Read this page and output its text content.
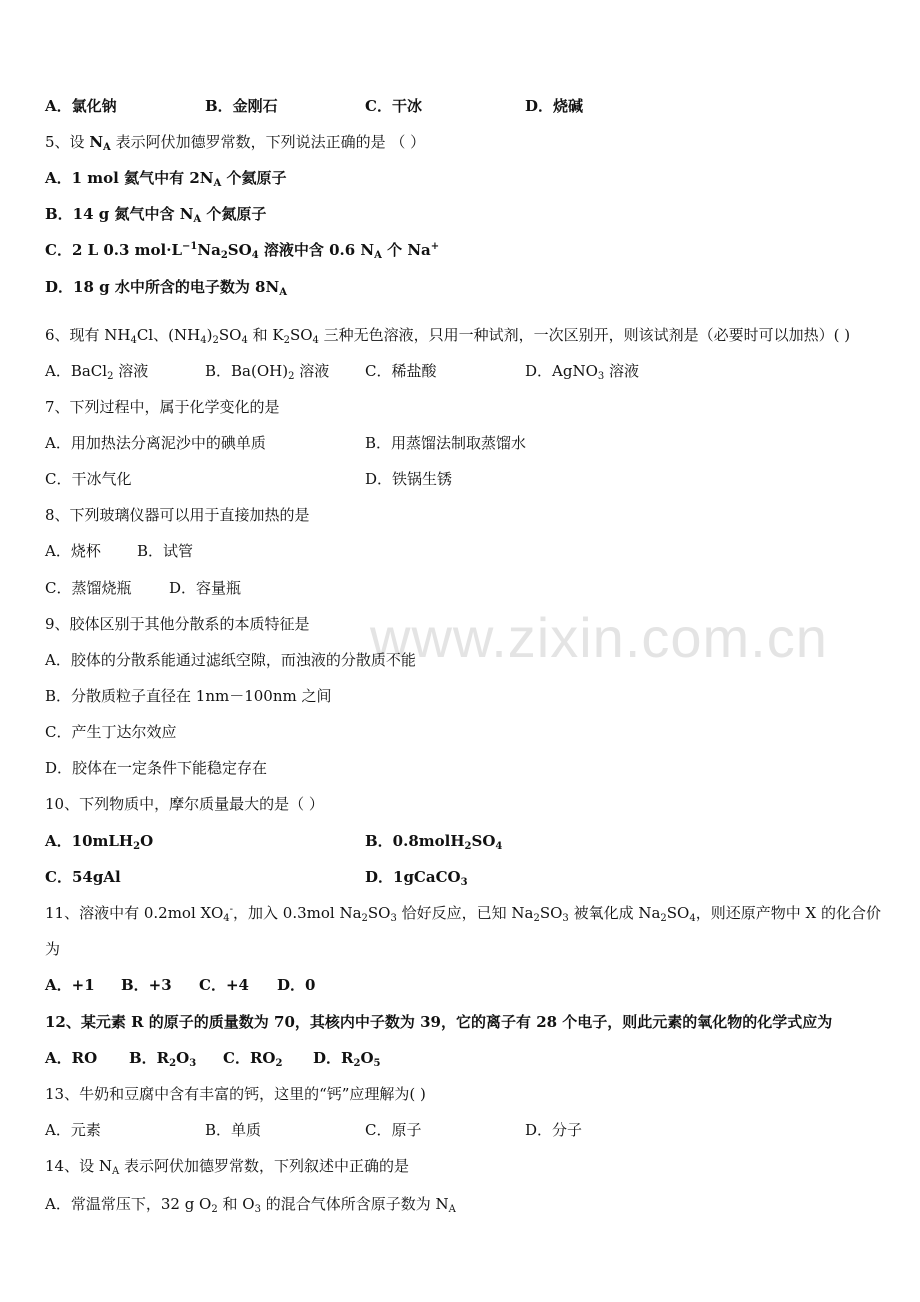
A．氯化钠	B．金刚石	C．干冰	D．烧碱
5、设 $N_A$ 表示阿伏加德罗常数，下列说法正确的是 （ ）
A．1 mol 氦气中有 $2N_A$ 个氦原子
B．14 g 氮气中含 $N_A$ 个氮原子
C．2 L 0.3 $mol\cdot L^{-1}Na_2SO_4$ 溶液中含 0.6 $N_A$ 个 Na+
D．18 g 水中所含的电子数为 $8N_A$
6、现有 $NH_4Cl$、$(NH_4)_2SO_4$ 和 $K_2SO_4$ 三种无色溶液，只用一种试剂，一次区别开，则该试剂是（必要时可以加热）( )
A．BaCl$_2$ 溶液	B．$Ba(OH)_2$ 溶液 C．稀盐酸	D．AgNO$_3$ 溶液
7、下列过程中，属于化学变化的是
A．用加热法分离泥沙中的碘单质	B．用蒸馏法制取蒸馏水
C．干冰气化	D．铁锅生锈
8、下列玻璃仪器可以用于直接加热的是
A．烧杯 B．试管
C．蒸馏烧瓶	D．容量瓶
www.zixin.com.cn
9、胶体区别于其他分散系的本质特征是
A．胶体的分散系能通过滤纸空隙，而浊液的分散质不能
B．分散质粒子直径在 1nm－100nm 之间
C．产生丁达尔效应
D．胶体在一定条件下能稳定存在
10、下列物质中，摩尔质量最大的是（ ）
A．10mLH$_2$O	B．$0.8molH_2SO_4$
C．54gAl	D．1gCaCO$_3$
11、溶液中有 0.2mol $XO_4^-$，加入 0.3mol $Na_2SO_3$ 恰好反应，已知 $Na_2SO_3$ 被氧化成 $Na_2SO_4$，则还原产物中 X 的化合价
为
A．+1 B．+3 C．+4 D．0
12、某元素 R 的原子的质量数为 70，其核内中子数为 39，它的离子有 28 个电子，则此元素的氧化物的化学式应为
A．RO B．$R_2O_3$ C．$RO_2$ D．$R_2O_5$
13、牛奶和豆腐中含有丰富的钙，这里的“钙”应理解为( )
A．元素	B．单质	C．原子	D．分子
14、设 $N_A$ 表示阿伏加德罗常数，下列叙述中正确的是
A．常温常压下，32 g $O_2$ 和 $O_3$ 的混合气体所含原子数为 $N_A$
